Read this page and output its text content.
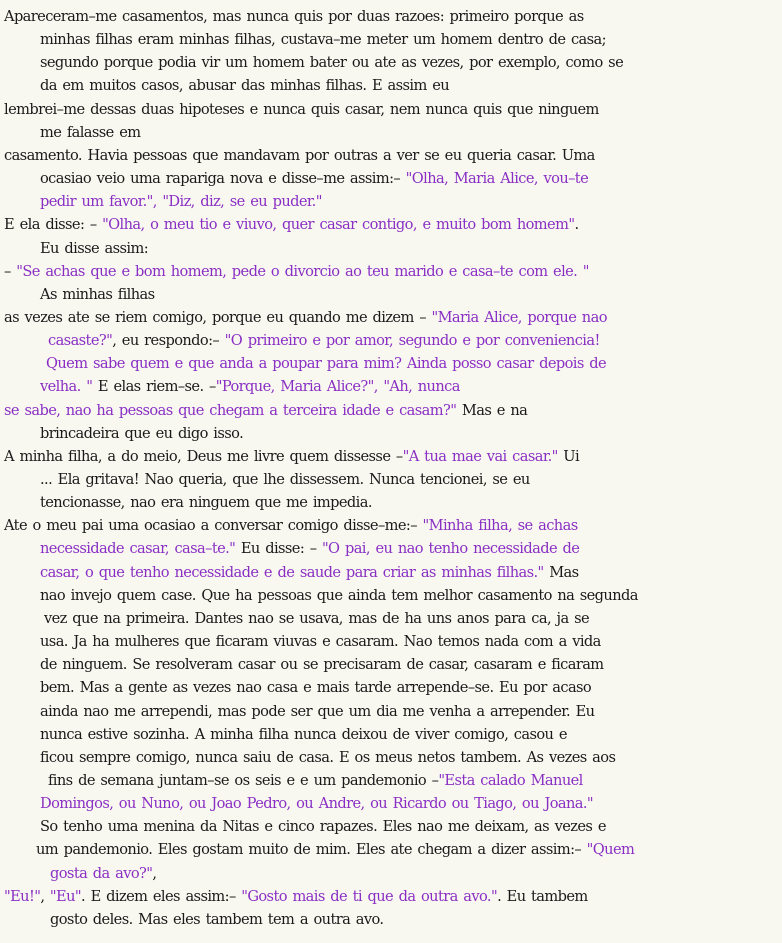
Apareceram–me casamentos, mas nunca quis por duas razoes: primeiro porque as
minhas filhas eram minhas filhas, custava–me meter um homem dentro de casa;
segundo porque podia vir um homem bater ou ate as vezes, por exemplo, como se
da em muitos casos, abusar das minhas filhas. E assim eu
lembrei–me dessas duas hipoteses e nunca quis casar, nem nunca quis que ninguem
me falasse em
casamento. Havia pessoas que mandavam por outras a ver se eu queria casar. Uma
ocasiao veio uma rapariga nova e disse–me assim:– "Olha, Maria Alice, vou–te
pedir um favor.", "Diz, diz, se eu puder."
E ela disse: – "Olha, o meu tio e viuvo, quer casar contigo, e muito bom homem".
Eu disse assim:
– "Se achas que e bom homem, pede o divorcio ao teu marido e casa–te com ele. "
As minhas filhas
as vezes ate se riem comigo, porque eu quando me dizem – "Maria Alice, porque nao
casaste?", eu respondo:– "O primeiro e por amor, segundo e por conveniencia!
Quem sabe quem e que anda a poupar para mim? Ainda posso casar depois de
velha. " E elas riem–se. –"Porque, Maria Alice?", "Ah, nunca
se sabe, nao ha pessoas que chegam a terceira idade e casam?" Mas e na
brincadeira que eu digo isso.
A minha filha, a do meio, Deus me livre quem dissesse –"A tua mae vai casar." Ui
... Ela gritava! Nao queria, que lhe dissessem. Nunca tencionei, se eu
tencionasse, nao era ninguem que me impedia.
Ate o meu pai uma ocasiao a conversar comigo disse–me:– "Minha filha, se achas
necessidade casar, casa–te." Eu disse: – "O pai, eu nao tenho necessidade de
casar, o que tenho necessidade e de saude para criar as minhas filhas." Mas
nao invejo quem case. Que ha pessoas que ainda tem melhor casamento na segunda
vez que na primeira. Dantes nao se usava, mas de ha uns anos para ca, ja se
usa. Ja ha mulheres que ficaram viuvas e casaram. Nao temos nada com a vida
de ninguem. Se resolveram casar ou se precisaram de casar, casaram e ficaram
bem. Mas a gente as vezes nao casa e mais tarde arrepende–se. Eu por acaso
ainda nao me arrependi, mas pode ser que um dia me venha a arrepender. Eu
nunca estive sozinha. A minha filha nunca deixou de viver comigo, casou e
ficou sempre comigo, nunca saiu de casa. E os meus netos tambem. As vezes aos
fins de semana juntam–se os seis e e um pandemonio –"Esta calado Manuel
Domingos, ou Nuno, ou Joao Pedro, ou Andre, ou Ricardo ou Tiago, ou Joana."
So tenho uma menina da Nitas e cinco rapazes. Eles nao me deixam, as vezes e
um pandemonio. Eles gostam muito de mim. Eles ate chegam a dizer assim:– "Quem
gosta da avo?",
"Eu!", "Eu". E dizem eles assim:– "Gosto mais de ti que da outra avo.". Eu tambem
gosto deles. Mas eles tambem tem a outra avo.
